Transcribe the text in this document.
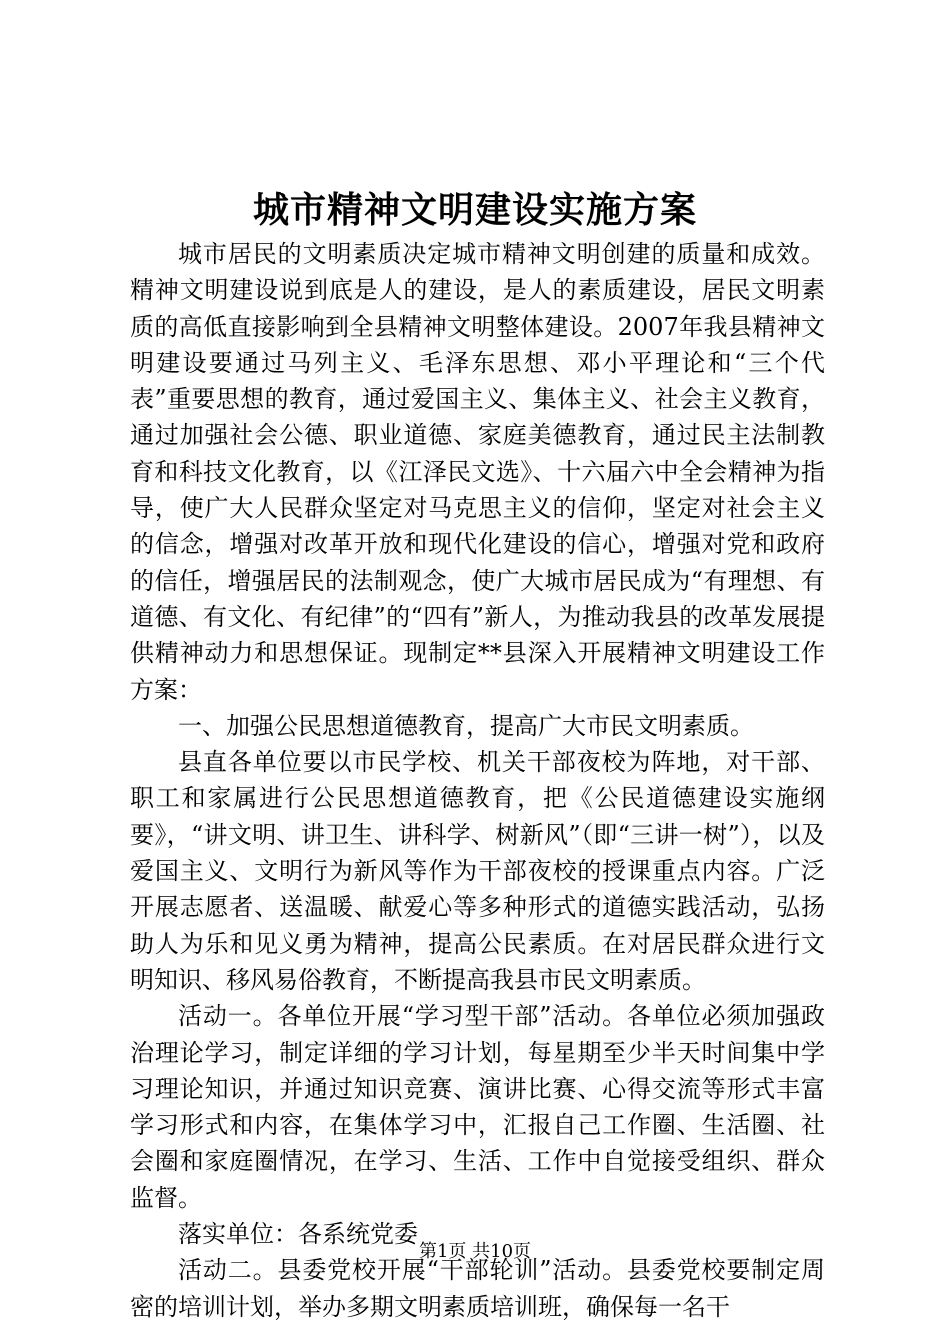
城市精神文明建设实施方案

城市居民的文明素质决定城市精神文明创建的质量和成效。精神文明建设说到底是人的建设，是人的素质建设，居民文明素质的高低直接影响到全县精神文明整体建设。2007年我县精神文明建设要通过马列主义、毛泽东思想、邓小平理论和“三个代表”重要思想的教育，通过爱国主义、集体主义、社会主义教育，通过加强社会公德、职业道德、家庭美德教育，通过民主法制教育和科技文化教育，以《江泽民文选》、十六届六中全会精神为指导，使广大人民群众坚定对马克思主义的信仰，坚定对社会主义的信念，增强对改革开放和现代化建设的信心，增强对党和政府的信任，增强居民的法制观念，使广大城市居民成为“有理想、有道德、有文化、有纪律”的“四有”新人，为推动我县的改革发展提供精神动力和思想保证。现制定**县深入开展精神文明建设工作方案：

一、加强公民思想道德教育，提高广大市民文明素质。

县直各单位要以市民学校、机关干部夜校为阵地，对干部、职工和家属进行公民思想道德教育，把《公民道德建设实施纲要》，“讲文明、讲卫生、讲科学、树新风”（即“三讲一树”），以及爱国主义、文明行为新风等作为干部夜校的授课重点内容。广泛开展志愿者、送温暖、献爱心等多种形式的道德实践活动，弘扬助人为乐和见义勇为精神，提高公民素质。在对居民群众进行文明知识、移风易俗教育，不断提高我县市民文明素质。

活动一。各单位开展“学习型干部”活动。各单位必须加强政治理论学习，制定详细的学习计划，每星期至少半天时间集中学习理论知识，并通过知识竞赛、演讲比赛、心得交流等形式丰富学习形式和内容，在集体学习中，汇报自己工作圈、生活圈、社会圈和家庭圈情况，在学习、生活、工作中自觉接受组织、群众监督。

落实单位：各系统党委

活动二。县委党校开展“干部轮训”活动。县委党校要制定周密的培训计划，举办多期文明素质培训班，确保每一名干

第1页 共10页
